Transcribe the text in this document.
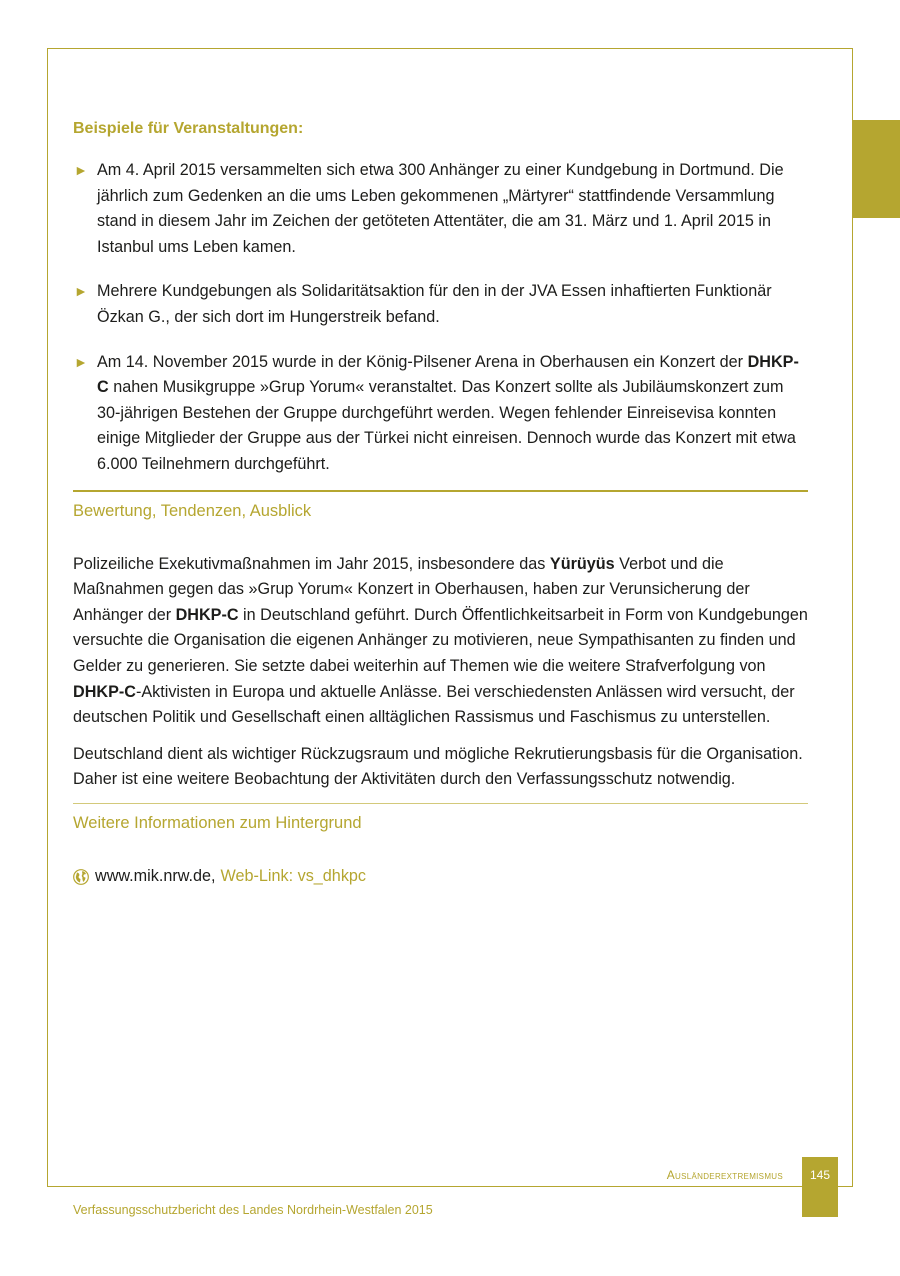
Beispiele für Veranstaltungen:
► Am 4. April 2015 versammelten sich etwa 300 Anhänger zu einer Kundgebung in Dortmund. Die jährlich zum Gedenken an die ums Leben gekommenen „Märtyrer“ stattfindende Versammlung stand in diesem Jahr im Zeichen der getöteten Attentäter, die am 31. März und 1. April 2015 in Istanbul ums Leben kamen.
► Mehrere Kundgebungen als Solidaritätsaktion für den in der JVA Essen inhaftierten Funktionär Özkan G., der sich dort im Hungerstreik befand.
► Am 14. November 2015 wurde in der König-Pilsener Arena in Oberhausen ein Konzert der DHKP-C nahen Musikgruppe »Grup Yorum« veranstaltet. Das Konzert sollte als Jubiläumskonzert zum 30-jährigen Bestehen der Gruppe durchgeführt werden. Wegen fehlender Einreisevisa konnten einige Mitglieder der Gruppe aus der Türkei nicht einreisen. Dennoch wurde das Konzert mit etwa 6.000 Teilnehmern durchgeführt.
Bewertung, Tendenzen, Ausblick

Polizeiliche Exekutivmaßnahmen im Jahr 2015, insbesondere das Yürüyüs Verbot und die Maßnahmen gegen das »Grup Yorum« Konzert in Oberhausen, haben zur Verunsicherung der Anhänger der DHKP-C in Deutschland geführt. Durch Öffentlichkeitsarbeit in Form von Kundgebungen versuchte die Organisation die eigenen Anhänger zu motivieren, neue Sympathisanten zu finden und Gelder zu generieren. Sie setzte dabei weiterhin auf Themen wie die weitere Strafverfolgung von DHKP-C-Aktivisten in Europa und aktuelle Anlässe. Bei verschiedensten Anlässen wird versucht, der deutschen Politik und Gesellschaft einen alltäglichen Rassismus und Faschismus zu unterstellen.

Deutschland dient als wichtiger Rückzugsraum und mögliche Rekrutierungsbasis für die Organisation. Daher ist eine weitere Beobachtung der Aktivitäten durch den Verfassungsschutz notwendig.

Weitere Informationen zum Hintergrund
www.mik.nrw.de, Web-Link: vs_dhkpc
Ausländerextremismus	145
Verfassungsschutzbericht des Landes Nordrhein-Westfalen 2015
